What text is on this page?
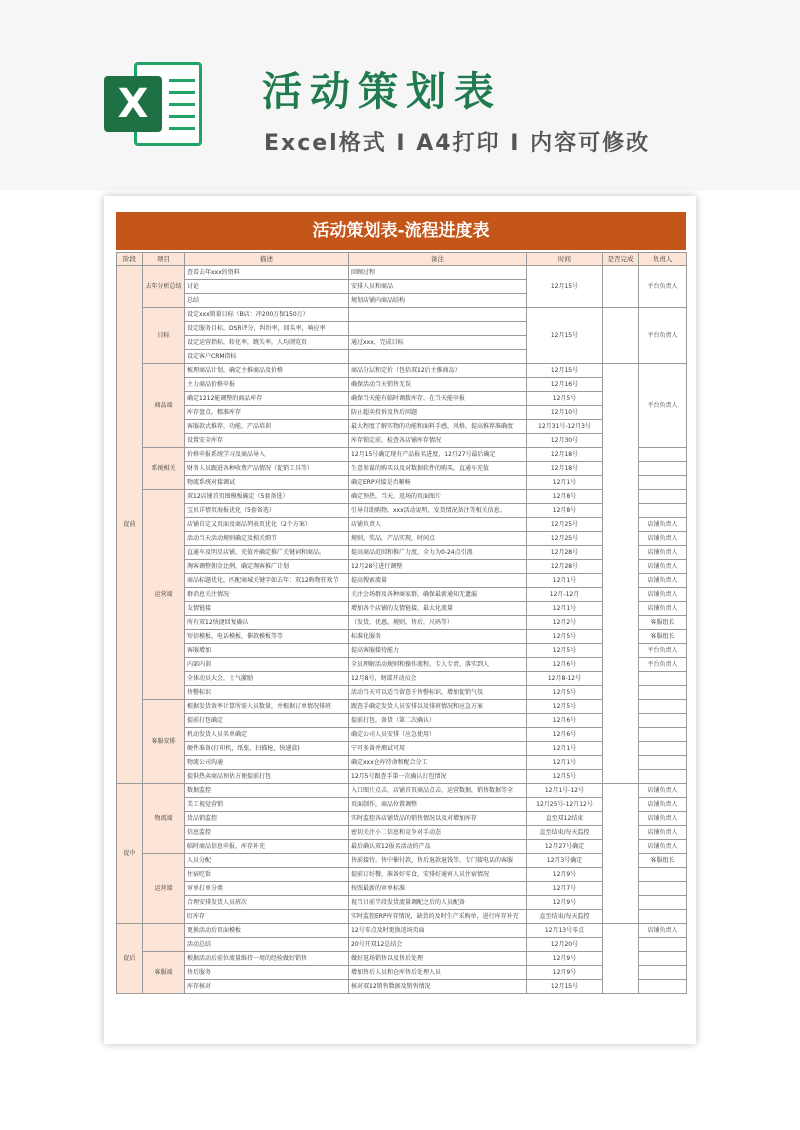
X	活动策划表
Excel格式 I A4打印 I 内容可修改
活动策划表-流程进度表
阶段	项目	描述	备注	时间	是否完成	负责人
促前	去年分析总结	查看去年xxx的资料	回顾过程	12月15号		平台负责人
		讨论	安排人员和商品			
		总结	规划店铺内商品结构			
	目标	设定xxx销量目标（B店：冲200万保150万）		12月15号		平台负责人
		设定服务目标，DSR评分，纠纷率，回头率，响应率				
		设定运营指标，转化率，跳失率，人均浏览页	通过xxx，完成目标			
		设定客户CRM指标				
	商品端	梳理商品计划，确定主推商品及价格	商品分层和定价（包括双12后主推商品）	12月15号		平台负责人
		主力商品价格申报	确保活动当天销售无误	12月16号		
		确定1212能调整的商品库存	确保当天能有临时调拨库存，在当天能申报	12月5号		
		库存盘点，精准库存	防止超卖投诉及售后问题	12月10号		
		客服款式推荐，功能，产品培训	最大程度了解实物的功能和面料手感，风格，提高推荐准确度	12月31号-12月3号		
		设置安全库存	库存锁定前，检查各店铺库存情况	12月30号		
	系统相关	价格申报系统学习及商品导入	12月15号确定现有产品报名进度，12月27号最后确定	12月18号		
		财务人员跟进各种收费产品情况（促销工具等）	生意参谋的购买以及对数据软件的购买，直通车充值	12月18号		
		物流系统对接调试	确定ERP对接是否顺畅	12月1号		
	运营端	双12店铺首页图模板确定（5套备选）	确定预热，当天，返场的页面图片	12月8号		
		宝贝详情页海报优化（5套备选）	引导自助购物，xxx活动说明，发货情况备注等相关信息。	12月8号		
		店铺自定义页面及商品列表页优化（2个方案）	店铺负责人	12月25号		店铺负责人
		活动当天活动规则确定及相关细节	规则，奖品，产品实现，时间点	12月25号		店铺负责人
		直通车及明星店铺，充值并确定推广关键词和商品。	提高商品范围和推广力度，全力为0-24点引流	12月28号		店铺负责人
		淘客调整佣金比例，确定淘客推广计划	12月28号进行调整	12月28号		店铺负责人
		商品标题优化，匹配商城关键字如去年：双12购物狂欢节	提高搜索流量	12月1号		店铺负责人
		群消息关注情况	关注会场群及各种商家群，确保最新通知无遗漏	12月-12月		店铺负责人
		友情链接	增加各个店铺的友情链接，最大化流量	12月1号		店铺负责人
		所有双12快捷回复确认	（发货，优惠，规则，售后，尺码等）	12月2号		客服组长
		短信模板，电话模板，催款模板等等	标准化服务	12月5号		客服组长
		客服增加	提高客服接待能力	12月5号		平台负责人
		内部内训	全员理解活动规则和操作流程，专人专责，落实到人	12月6号		平台负责人
		全体动员大会，士气激励	12月8号，财部开动员会	12月8-12号		
		售罄标识	活动当天可以适当留意千售罄标识，增加促销气氛	12月5号		
	客服安排	根据发货效率计算所需人员数量，并根据订单情况排班	跟查手确定发货人员安排以及排班情况和应急方案	12月5号		
		提前打包确定	提前打包，备货（第二次确认）	12月6号		
		机动发货人员名单确定	确定公司人员安排（应急使用）	12月6号		
		硬件准备(打印机，纸张，扫描枪，快递盒)	宁可多备并测试可用	12月1号		
		物流公司沟通	确定xxx仓库待命和配合分工	12月1号		
		提供热卖商品预估方便提前打包	12月5号跟查手第一次确认打包情况	12月5号		
促中	物流端	数据监控	入口图片点击，店铺首页商品点击，运营数据，销售数据等全	12月1号-12号		店铺负责人
		美工视觉营销	页面制作，商品位置调整	12月25号-12月12号		店铺负责人
		货品销监控	实时监控各店铺货品的销售情况以及对增加库存	直至双12结束		店铺负责人
		信息监控	密切关注小二信息和竞争对手动态	直至结束/每天监控		店铺负责人
		临时商品信息申报，库存补充	最后确认双12报名活动的产品	12月27号确定		店铺负责人
	运营端	人员分配	售前接待，售中催付款，售后退款退钱等，专门接电话的客服	12月3号确定		客服组长
		住宿吃饭	提前订好餐，准备好零食，安排好通宵人员住宿情况	12月9号		
		审单打单分类	按照最新的审单标准	12月7号		
		合理安排发货人员班次	视当日前半段发货流量调配之后的人员配备	12月9号		
		盯库存	实时监控ERP库存情况，缺货的及时生产采购单，进行库存补充	直至结束/每天监控		
促后		更换活动后页面模板	12号零点及时更换返场页面	12月13号零点		店铺负责人
		活动总结	20号开双12总结会	12月20号		
	客服端	根据活动后前位流量维持一周的经验做好销售	做好返场销售以及售后处理	12月9号		
		售后服务	增加售后人员和仓库售后处理人员	12月9号		
		库存核对	核对双12销售数据及销售情况	12月15号		
